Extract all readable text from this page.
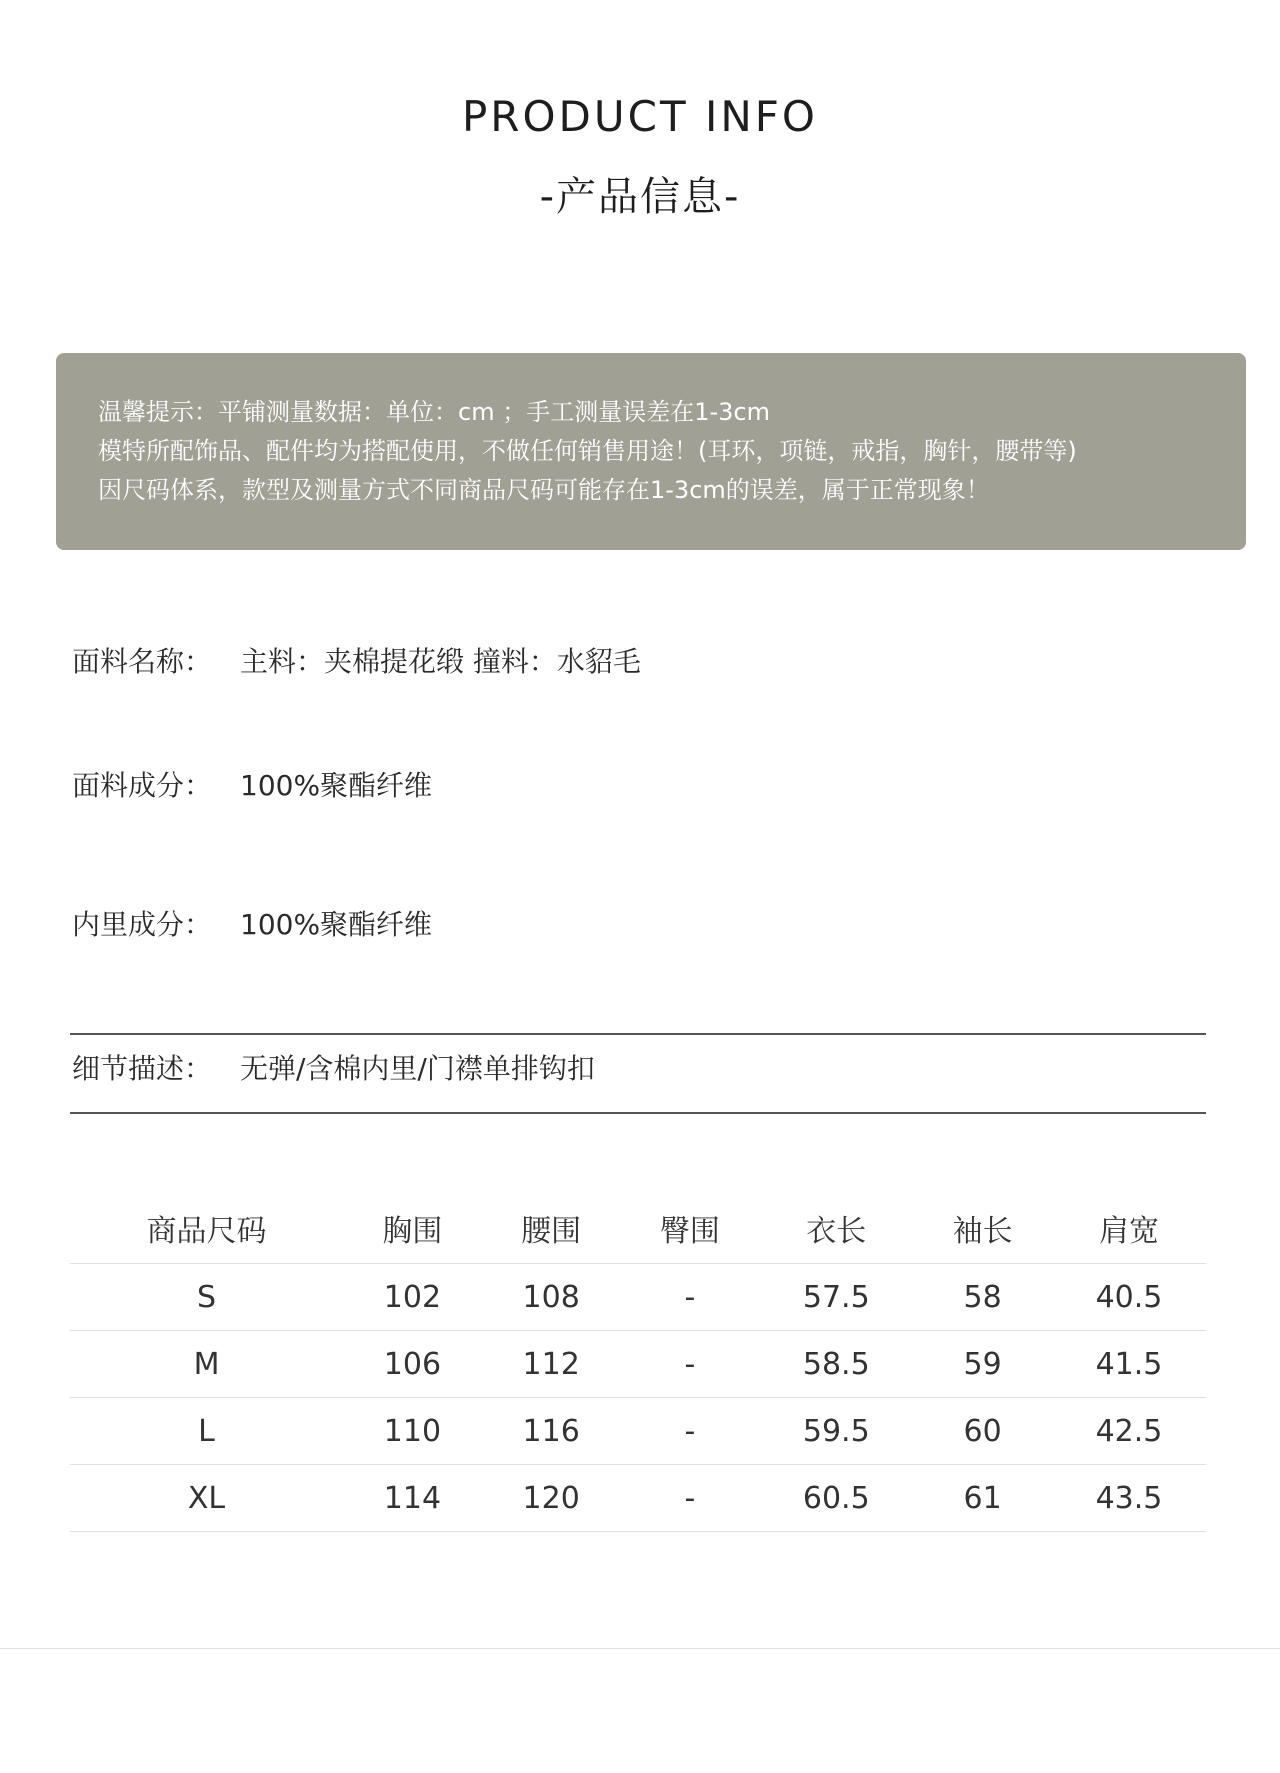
PRODUCT INFO
-产品信息-
温馨提示：平铺测量数据：单位：cm ；手工测量误差在1-3cm
模特所配饰品、配件均为搭配使用，不做任何销售用途！(耳环，项链，戒指，胸针，腰带等)
因尺码体系，款型及测量方式不同商品尺码可能存在1-3cm的误差，属于正常现象！
面料名称： 主料：夹棉提花缎 撞料：水貂毛
面料成分： 100%聚酯纤维
内里成分： 100%聚酯纤维
细节描述： 无弹/含棉内里/门襟单排钩扣
商品尺码	胸围	腰围	臀围	衣长	袖长	肩宽
S	102	108	-	57.5	58	40.5
M	106	112	-	58.5	59	41.5
L	110	116	-	59.5	60	42.5
XL	114	120	-	60.5	61	43.5
